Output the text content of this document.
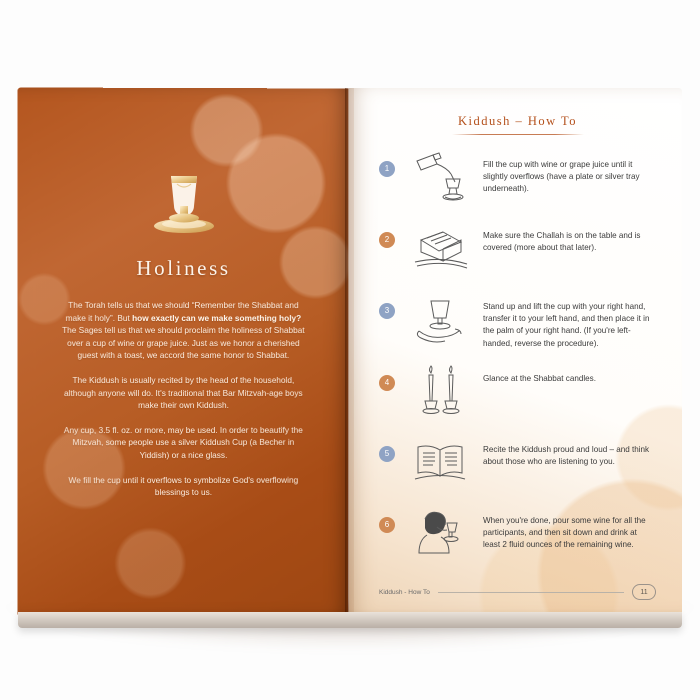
Holiness

The Torah tells us that we should “Remember the Shabbat and make it holy”. But how exactly can we make something holy? The Sages tell us that we should proclaim the holiness of Shabbat over a cup of wine or grape juice. Just as we honor a cherished guest with a toast, we accord the same honor to Shabbat.

The Kiddush is usually recited by the head of the household, although anyone will do. It's traditional that Bar Mitzvah-age boys make their own Kiddush.

Any cup, 3.5 fl. oz. or more, may be used. In order to beautify the Mitzvah, some people use a silver Kiddush Cup (a Becher in Yiddish) or a nice glass.

We fill the cup until it overflows to symbolize God's overflowing blessings to us.

Kiddush – How To
1	Fill the cup with wine or grape juice until it slightly overflows (have a plate or silver tray underneath).
2	Make sure the Challah is on the table and is covered (more about that later).
3	Stand up and lift the cup with your right hand, transfer it to your left hand, and then place it in the palm of your right hand. (If you're left-handed, reverse the procedure).
4	Glance at the Shabbat candles.
5	Recite the Kiddush proud and loud – and think about those who are listening to you.
6	When you're done, pour some wine for all the participants, and then sit down and drink at least 2 fluid ounces of the remaining wine.
Kiddush - How To	11
